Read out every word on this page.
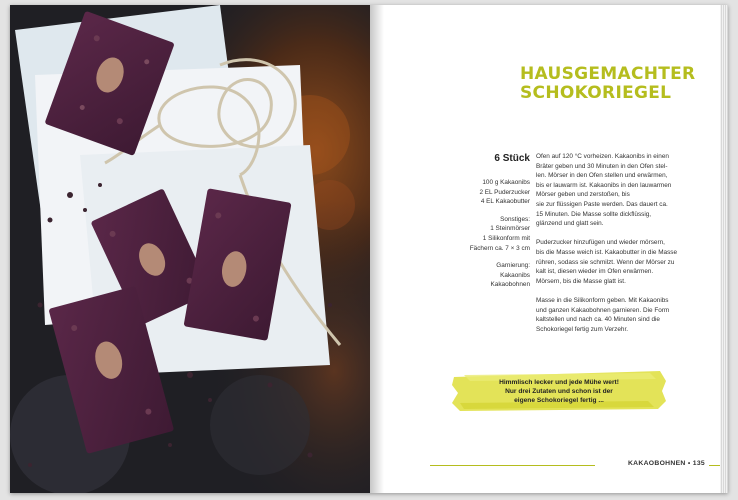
HAUSGEMACHTER
SCHOKORIEGEL

6 Stück

100 g Kakaonibs
2 EL Puderzucker
4 EL Kakaobutter
Sonstiges:
1 Steinmörser
1 Silikonform mit
Fächern ca. 7 × 3 cm
Garnierung:
Kakaonibs
Kakaobohnen

Ofen auf 120 °C vorheizen. Kakaonibs in einen
Bräter geben und 30 Minuten in den Ofen stel-
len. Mörser in den Ofen stellen und erwärmen,
bis er lauwarm ist. Kakaonibs in den lauwarmen
Mörser geben und zerstoßen, bis
sie zur flüssigen Paste werden. Das dauert ca.
15 Minuten. Die Masse sollte dickflüssig,
glänzend und glatt sein.

Puderzucker hinzufügen und wieder mörsern,
bis die Masse weich ist. Kakaobutter in die Masse
rühren, sodass sie schmilzt. Wenn der Mörser zu
kalt ist, diesen wieder im Ofen erwärmen.
Mörsern, bis die Masse glatt ist.

Masse in die Silikonform geben. Mit Kakaonibs
und ganzen Kakaobohnen garnieren. Die Form
kaltstellen und nach ca. 40 Minuten sind die
Schokoriegel fertig zum Verzehr.

Himmlisch lecker und jede Mühe wert!
Nur drei Zutaten und schon ist der
eigene Schokoriegel fertig ...

KAKAOBOHNEN • 135
